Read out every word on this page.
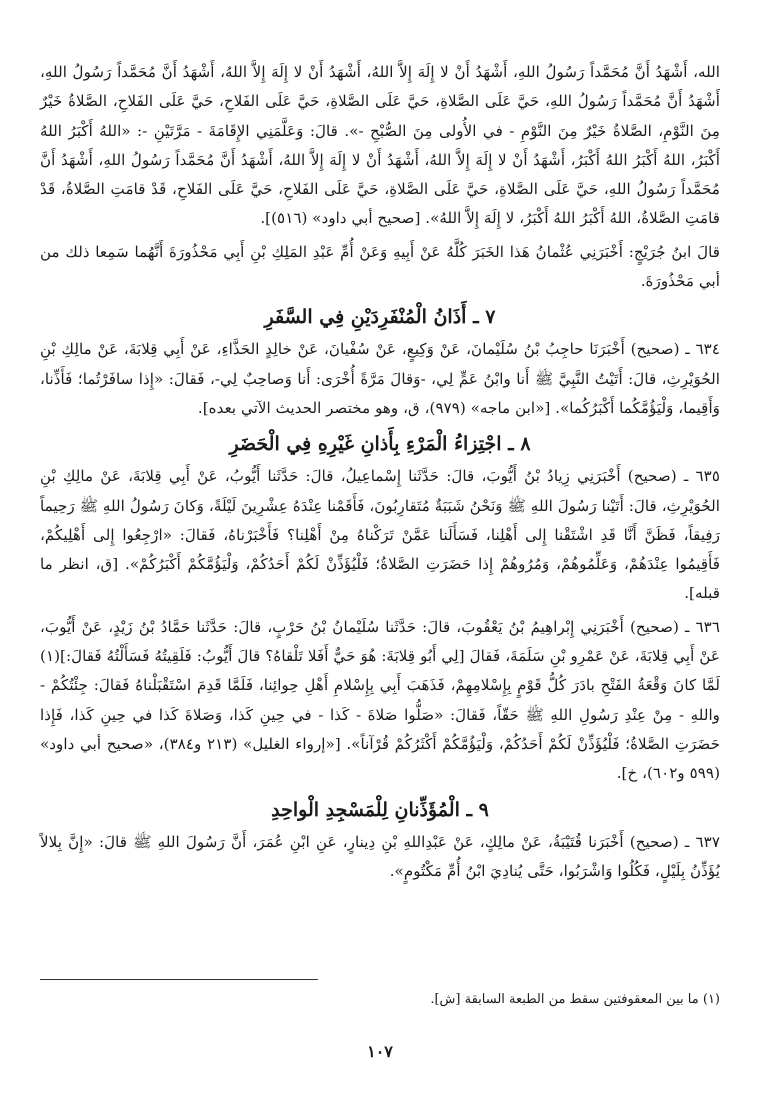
الله، أَشْهَدُ أَنَّ مُحَمَّداً رَسُولُ اللهِ، أَشْهَدُ أَنْ لا إِلَهَ إِلاَّ اللهُ، أَشْهَدُ أَنْ لا إِلَهَ إِلاَّ اللهُ، أَشْهَدُ أَنَّ مُحَمَّداً رَسُولُ اللهِ، أَشْهَدُ أَنَّ مُحَمَّداً رَسُولُ اللهِ، حَيَّ عَلَى الصَّلاةِ، حَيَّ عَلَى الصَّلاةِ، حَيَّ عَلَى الفَلاحِ، حَيَّ عَلَى الفَلاحِ، الصَّلاةُ خَيْرٌ مِنَ النَّوْمِ، الصَّلاةُ خَيْرٌ مِنَ النَّوْمِ - في الأُولى مِنَ الصُّبْحِ -». قالَ: وَعَلَّمَنِي الإِقَامَةَ - مَرَّتَيْنِ -: «اللهُ أَكْبَرُ اللهُ أَكْبَرُ، اللهُ أَكْبَرُ اللهُ أَكْبَرُ، أَشْهَدُ أَنْ لا إِلَهَ إِلاَّ اللهُ، أَشْهَدُ أَنْ لا إِلَهَ إِلاَّ اللهُ، أَشْهَدُ أَنَّ مُحَمَّداً رَسُولُ اللهِ، أَشْهَدُ أَنَّ مُحَمَّداً رَسُولُ اللهِ، حَيَّ عَلَى الصَّلاةِ، حَيَّ عَلَى الصَّلاةِ، حَيَّ عَلَى الفَلاحِ، حَيَّ عَلَى الفَلاحِ، قَدْ قامَتِ الصَّلاةُ، قَدْ قامَتِ الصَّلاةُ، اللهُ أَكْبَرُ اللهُ أَكْبَرُ، لا إِلَهَ إِلاَّ اللهُ». [صحيح أبي داود» (٥١٦)].

قالَ ابنُ جُرَيْجٍ: أَخْبَرَنِي عُثْمانُ هَذا الخَبَرَ كُلَّهُ عَنْ أَبِيهِ وَعَنْ أُمِّ عَبْدِ المَلِكِ بْنِ أَبِي مَحْذُورَةَ أَنَّهُما سَمِعا ذلك من أبي مَحْذُورَةَ.

٧ ـ أَذَانُ الْمُنْفَرِدَيْنِ فِي السَّفَرِ

٦٣٤ ـ (صحيح) أَخْبَرَنَا حاجِبُ بْنُ سُلَيْمانَ، عَنْ وَكِيعٍ، عَنْ سُفْيانَ، عَنْ خالِدٍ الحَذَّاءِ، عَنْ أَبِي قِلابَةَ، عَنْ مالِكِ بْنِ الحُوَيْرِثِ، قالَ: أَتَيْتُ النَّبِيَّ ﷺ أَنا وابْنُ عَمٍّ لِي، -وَقالَ مَرَّةً أُخْرَى: أَنا وَصاحِبٌ لِي-، فَقالَ: «إِذا سافَرْتُما؛ فَأَذِّنا، وَأَقِيما، وَلْيَؤُمَّكُما أَكْبَرُكُما». [«ابن ماجه» (٩٧٩)، ق، وهو مختصر الحديث الآتي بعده].

٨ ـ اجْتِزاءُ الْمَرْءِ بِأَذانِ غَيْرِهِ فِي الْحَضَرِ

٦٣٥ ـ (صحيح) أَخْبَرَنِي زِيادُ بْنُ أَيُّوبَ، قالَ: حَدَّثَنا إِسْماعِيلُ، قالَ: حَدَّثَنا أَيُّوبُ، عَنْ أَبِي قِلابَةَ، عَنْ مالِكِ بْنِ الحُوَيْرِثِ، قالَ: أَتَيْنا رَسُولَ اللهِ ﷺ وَنَحْنُ شَبَبَةٌ مُتَقارِبُونَ، فَأَقَمْنا عِنْدَهُ عِشْرِينَ لَيْلَةً، وَكانَ رَسُولُ اللهِ ﷺ رَحِيماً رَفِيقاً، فَظَنَّ أَنَّا قَدِ اشْتَقْنا إِلى أَهْلِنا، فَسَأَلَنا عَمَّنْ تَرَكْناهُ مِنْ أَهْلِنا؟ فَأَخْبَرْناهُ، فَقالَ: «ارْجِعُوا إِلى أَهْلِيكُمْ، فَأَقِيمُوا عِنْدَهُمْ، وَعَلِّمُوهُمْ، وَمُرُوهُمْ إِذا حَضَرَتِ الصَّلاةُ؛ فَلْيُؤَذِّنْ لَكُمْ أَحَدُكُمْ، وَلْيَؤُمَّكُمْ أَكْبَرُكُمْ». [ق، انظر ما قبله].

٦٣٦ ـ (صحيح) أَخْبَرَنِي إِبْراهِيمُ بْنُ يَعْقُوبَ، قالَ: حَدَّثَنا سُلَيْمانُ بْنُ حَرْبٍ، قالَ: حَدَّثَنا حَمَّادُ بْنُ زَيْدٍ، عَنْ أَيُّوبَ، عَنْ أَبِي قِلابَةَ، عَنْ عَمْرِو بْنِ سَلَمَةَ، فَقالَ [لِي أَبُو قِلابَةَ: هُوَ حَيٌّ أَفَلا تَلْقاهُ؟ قالَ أَيُّوبُ: فَلَقِيتُهُ فَسَأَلْتُهُ فَقالَ:](١) لَمَّا كانَ وَقْعَةُ الفَتْحِ بادَرَ كُلُّ قَوْمٍ بِإِسْلامِهِمْ، فَذَهَبَ أَبِي بِإِسْلامِ أَهْلِ حِوائِنا، فَلَمَّا قَدِمَ اسْتَقْبَلْناهُ فَقالَ: جِئْتُكُمْ - واللهِ - مِنْ عِنْدِ رَسُولِ اللهِ ﷺ حَقّاً، فَقالَ: «صَلُّوا صَلاةَ - كَذا - في حِينِ كَذا، وَصَلاةَ كَذا في حِينِ كَذا، فَإِذا حَضَرَتِ الصَّلاةُ؛ فَلْيُؤَذِّنْ لَكُمْ أَحَدُكُمْ، وَلْيَؤُمَّكُمْ أَكْثَرُكُمْ قُرْآناً». [«إرواء الغليل» (٢١٣ و٣٨٤)، «صحيح أبي داود» (٥٩٩ و٦٠٢)، خ].

٩ ـ الْمُؤَذِّنانِ لِلْمَسْجِدِ الْواحِدِ

٦٣٧ ـ (صحيح) أَخْبَرَنا قُتَيْبَةُ، عَنْ مالِكٍ، عَنْ عَبْدِاللهِ بْنِ دِينارٍ، عَنِ ابْنِ عُمَرَ، أَنَّ رَسُولَ اللهِ ﷺ قالَ: «إِنَّ بِلالاً يُؤَذِّنُ بِلَيْلٍ، فَكُلُوا وَاشْرَبُوا، حَتَّى يُنادِيَ ابْنُ أُمِّ مَكْتُومٍ».

(١) ما بين المعقوفتين سقط من الطبعة السابقة [ش].
١٠٧
